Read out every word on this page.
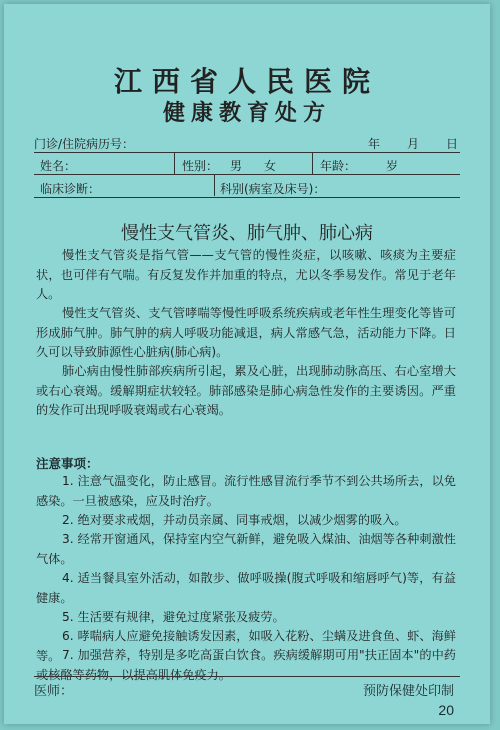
江西省人民医院
健康教育处方
门诊/住院病历号：	年 月 日
姓名：	性别： 男 女	年龄： 岁
临床诊断：	科别(病室及床号)：
慢性支气管炎、肺气肿、肺心病
慢性支气管炎是指气管——支气管的慢性炎症，以咳嗽、咳痰为主要症状，也可伴有气喘。有反复发作并加重的特点，尤以冬季易发作。常见于老年人。
慢性支气管炎、支气管哮喘等慢性呼吸系统疾病或老年性生理变化等皆可形成肺气肿。肺气肿的病人呼吸功能减退，病人常感气急，活动能力下降。日久可以导致肺源性心脏病(肺心病)。
肺心病由慢性肺部疾病所引起，累及心脏，出现肺动脉高压、右心室增大或右心衰竭。缓解期症状较轻。肺部感染是肺心病急性发作的主要诱因。严重的发作可出现呼吸衰竭或右心衰竭。
注意事项：
1. 注意气温变化，防止感冒。流行性感冒流行季节不到公共场所去，以免感染。一旦被感染，应及时治疗。
2. 绝对要求戒烟，并动员亲属、同事戒烟，以减少烟雾的吸入。
3. 经常开窗通风，保持室内空气新鲜，避免吸入煤油、油烟等各种刺激性气体。
4. 适当餐具室外活动，如散步、做呼吸操(腹式呼吸和缩唇呼气)等，有益健康。
5. 生活要有规律，避免过度紧张及疲劳。
6. 哮喘病人应避免接触诱发因素，如吸入花粉、尘螨及进食鱼、虾、海鲜等。 7. 加强营养，特别是多吃高蛋白饮食。疾病缓解期可用"扶正固本"的中药或核酪等药物，以提高肌体免疫力。
医师：	预防保健处印制
20
